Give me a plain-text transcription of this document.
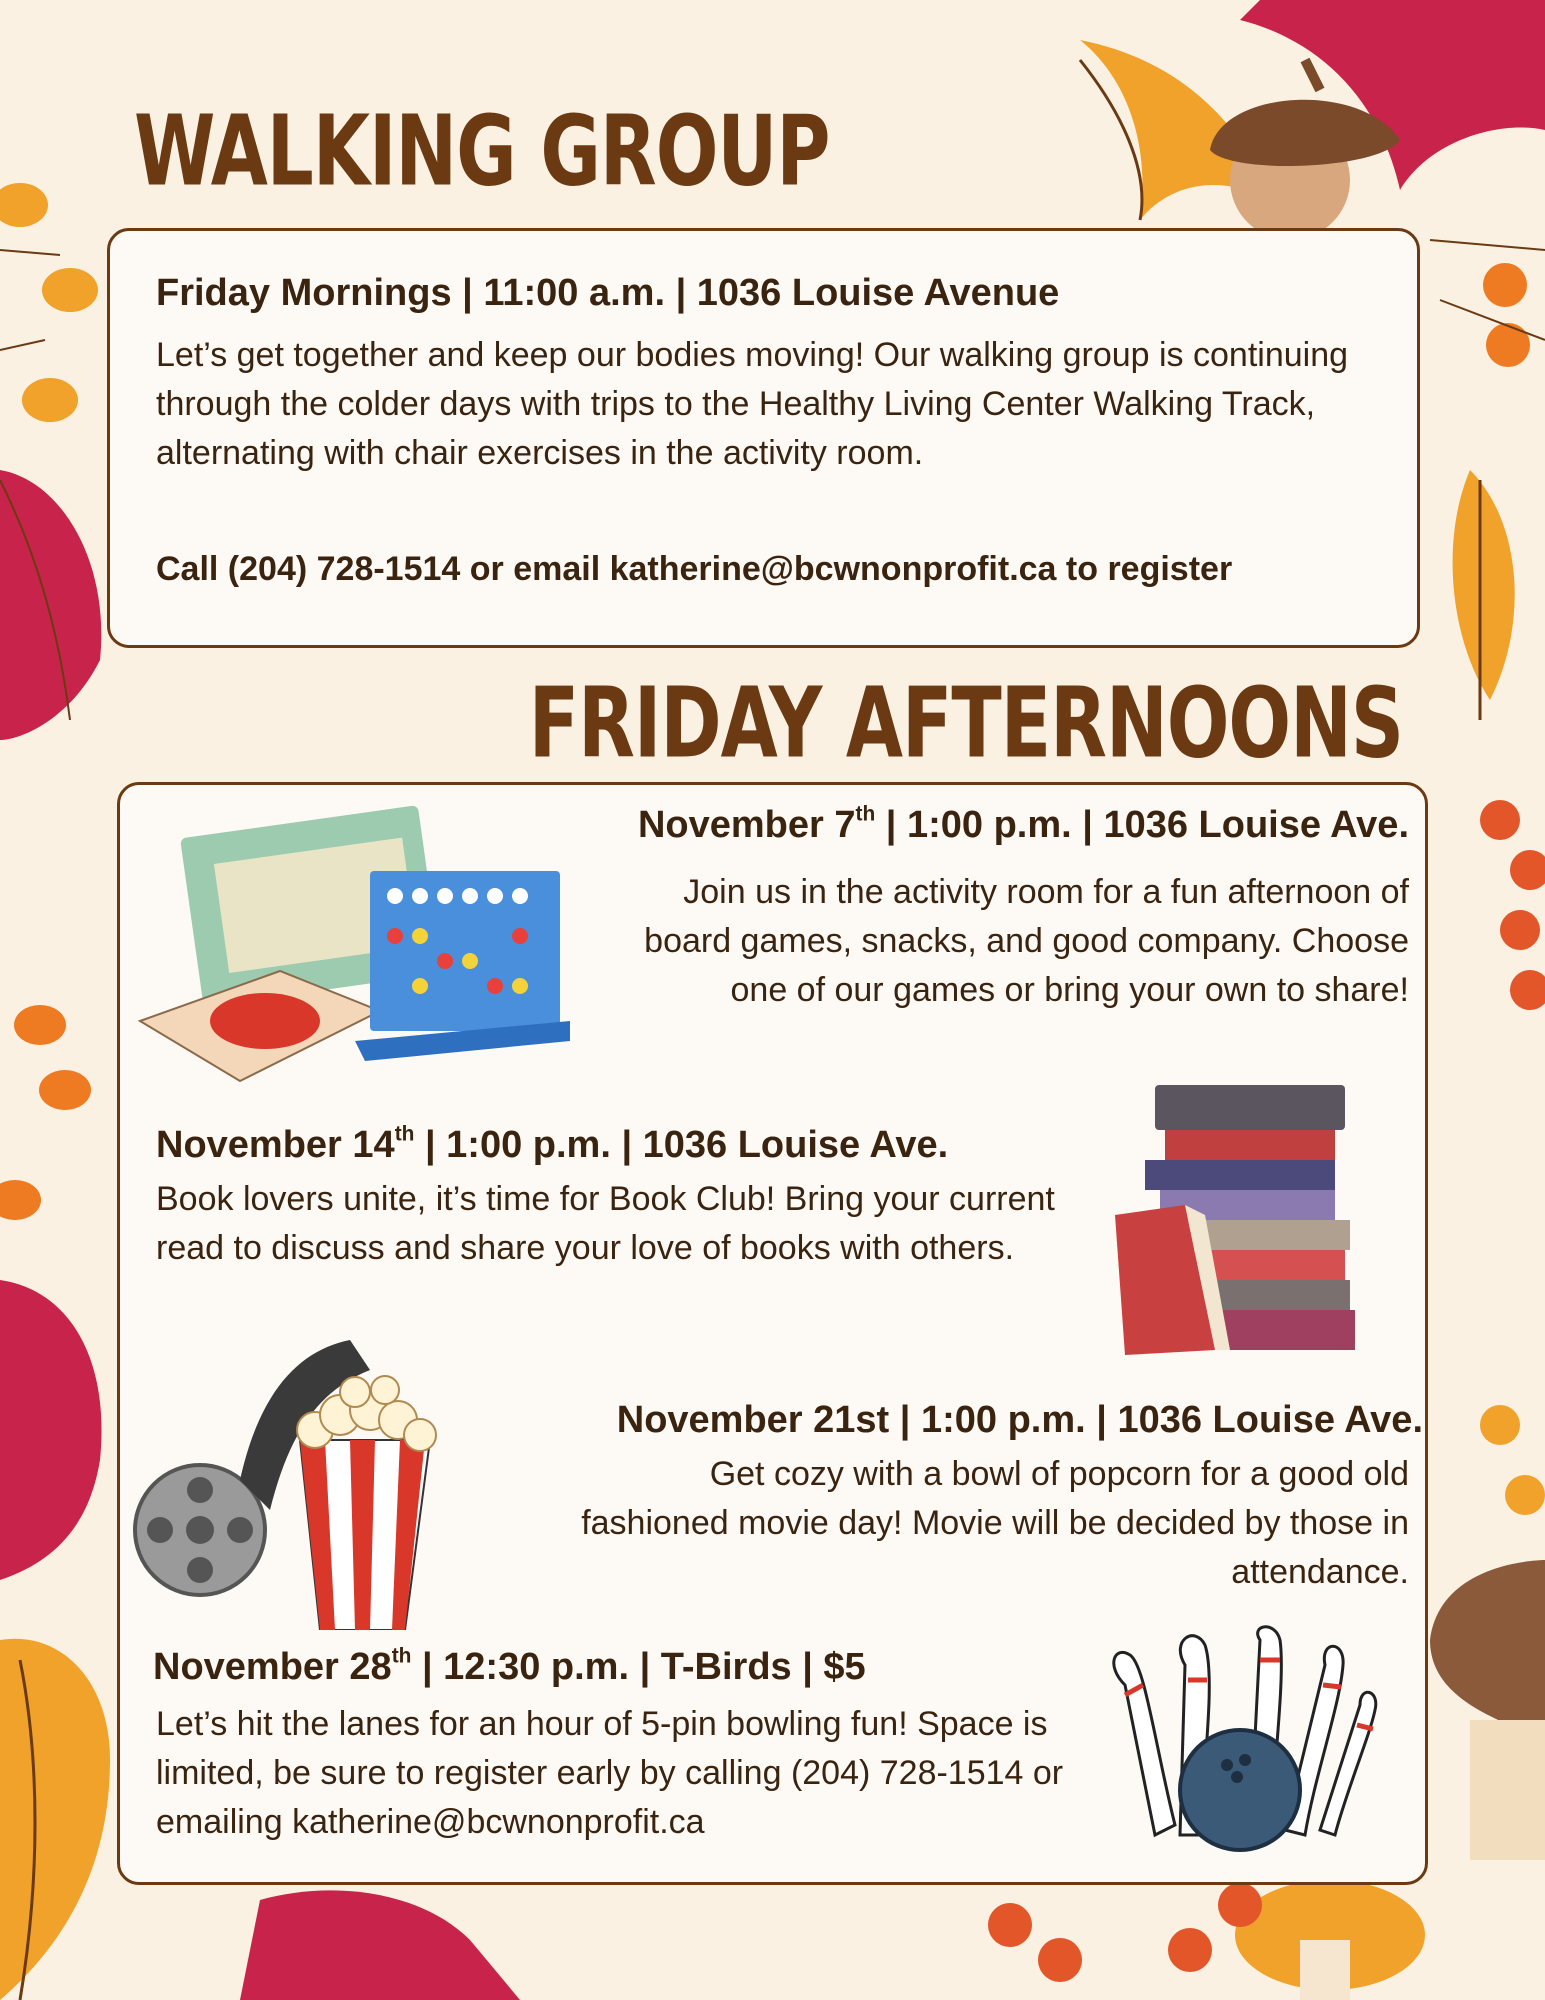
WALKING GROUP

Friday Mornings | 11:00 a.m. | 1036 Louise Avenue

Let’s get together and keep our bodies moving! Our walking group is continuing through the colder days with trips to the Healthy Living Center Walking Track, alternating with chair exercises in the activity room.

Call (204) 728-1514 or email katherine@bcwnonprofit.ca to register

FRIDAY AFTERNOONS

November 7th | 1:00 p.m. | 1036 Louise Ave.

Join us in the activity room for a fun afternoon of board games, snacks, and good company. Choose one of our games or bring your own to share!

November 14th | 1:00 p.m. | 1036 Louise Ave.

Book lovers unite, it’s time for Book Club! Bring your current read to discuss and share your love of books with others.

November 21st | 1:00 p.m. | 1036 Louise Ave.

Get cozy with a bowl of popcorn for a good old fashioned movie day! Movie will be decided by those in attendance.

November 28th | 12:30 p.m. | T-Birds | $5

Let’s hit the lanes for an hour of 5-pin bowling fun! Space is limited, be sure to register early by calling (204) 728-1514 or emailing katherine@bcwnonprofit.ca
